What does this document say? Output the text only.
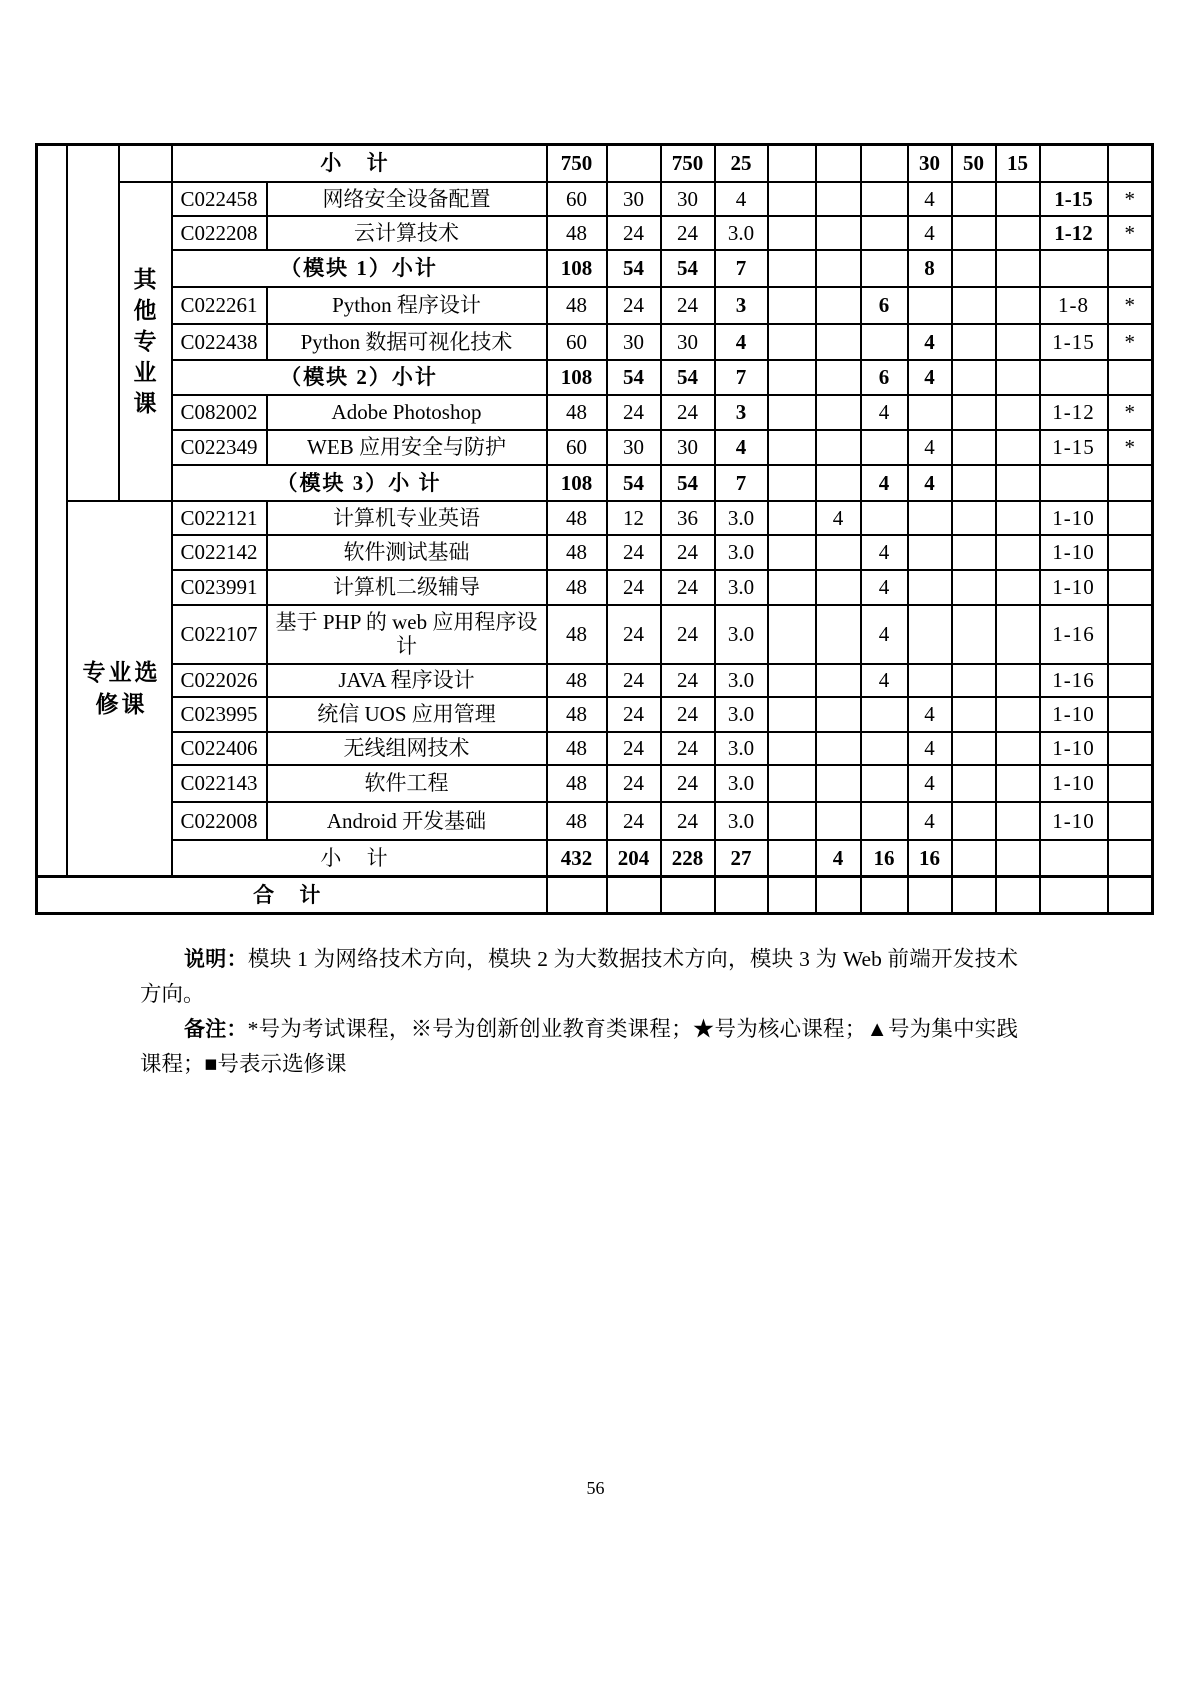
			小 计		750		750	25				30	50	15		

		其他专业课	C022458	网络安全设备配置	60	30	30	4				4			1-15	*
			C022208	云计算技术	48	24	24	3.0				4			1-12	*
			（模块 1）小计		108	54	54	7				8				
			C022261	Python 程序设计	48	24	24	3			6				1-8	*
			C022438	Python 数据可视化技术	60	30	30	4				4			1-15	*
			（模块 2）小计		108	54	54	7			6	4				
			C082002	Adobe Photoshop	48	24	24	3			4				1-12	*
			C022349	WEB 应用安全与防护	60	30	30	4				4			1-15	*
			（模块 3）小 计		108	54	54	7			4	4				

	专业选修课		C022121	计算机专业英语	48	12	36	3.0		4					1-10	
			C022142	软件测试基础	48	24	24	3.0			4				1-10	
			C023991	计算机二级辅导	48	24	24	3.0			4				1-10	
			C022107	基于 PHP 的 web 应用程序设计	48	24	24	3.0			4				1-16	
			C022026	JAVA 程序设计	48	24	24	3.0			4				1-16	
			C023995	统信 UOS 应用管理	48	24	24	3.0				4			1-10	
			C022406	无线组网技术	48	24	24	3.0				4			1-10	
			C022143	软件工程	48	24	24	3.0				4			1-10	
			C022008	Android 开发基础	48	24	24	3.0				4			1-10	
			小 计		432	204	228	27		4	16	16				
合 计																

说明：模块 1 为网络技术方向，模块 2 为大数据技术方向，模块 3 为 Web 前端开发技术方向。

备注：*号为考试课程，※号为创新创业教育类课程；★号为核心课程；▲号为集中实践课程；■号表示选修课

56
